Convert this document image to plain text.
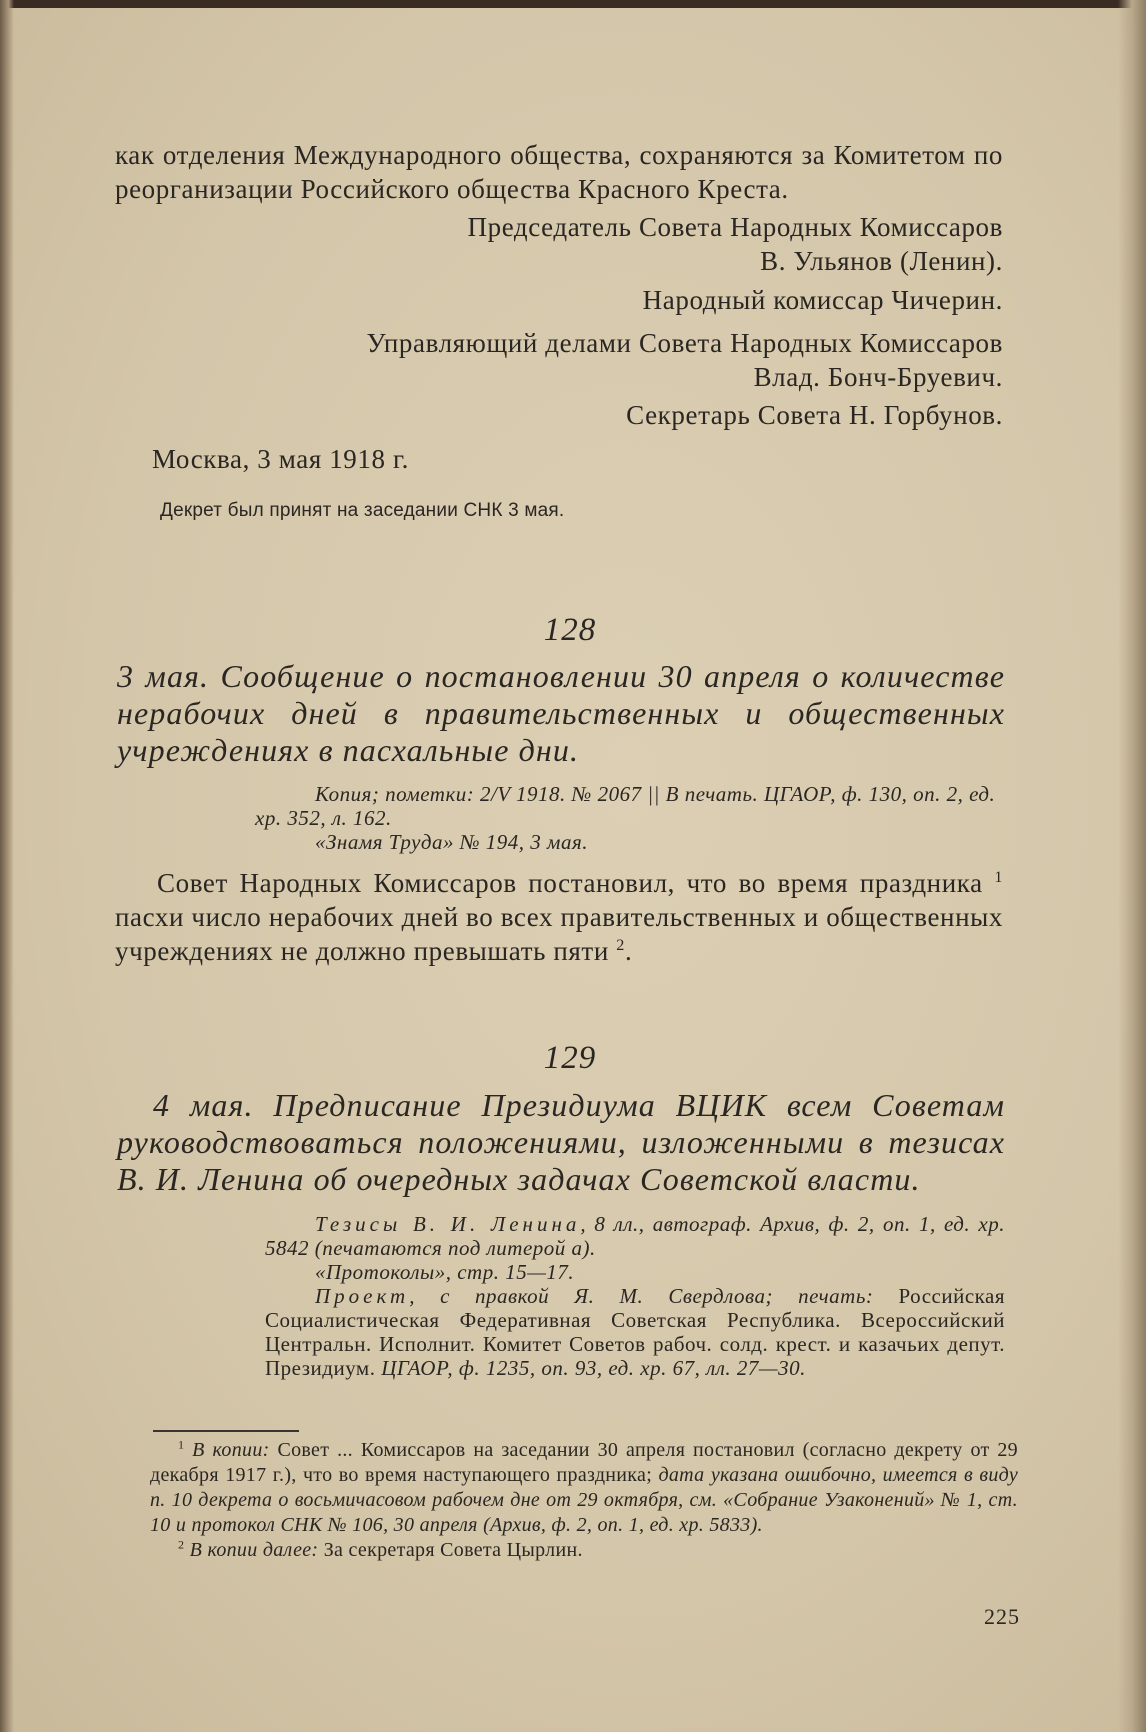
как отделения Международного общества, сохраняются за Комитетом по реорганизации Российского общества Красного Креста.

Председатель Совета Народных Комиссаров
В. Ульянов (Ленин).
Народный комиссар Чичерин.
Управляющий делами Совета Народных Комиссаров
Влад. Бонч-Бруевич.
Секретарь Совета Н. Горбунов.
Москва, 3 мая 1918 г.
Декрет был принят на заседании СНК 3 мая.
128
3 мая. Сообщение о постановлении 30 апреля о количестве нерабочих дней в правительственных и общественных учреждениях в пасхальные дни.
Копия; пометки: 2/V 1918. № 2067 || В печать. ЦГАОР, ф. 130, оп. 2, ед. хр. 352, л. 162.
«Знамя Труда» № 194, 3 мая.

Совет Народных Комиссаров постановил, что во время праздника $^1$ пасхи число нерабочих дней во всех правительственных и общественных учреждениях не должно превышать пяти $^2$.

129
4 мая. Предписание Президиума ВЦИК всем Советам руководствоваться положениями, изложенными в тезисах В. И. Ленина об очередных задачах Советской власти.
Тезисы В. И. Ленина, 8 лл., автограф. Архив, ф. 2, оп. 1, ед. хр. 5842 (печатаются под литерой а).
«Протоколы», стр. 15—17.
Проект, с правкой Я. М. Свердлова; печать: Российская Социалистическая Федеративная Советская Республика. Всероссийский Центральн. Исполнит. Комитет Советов рабоч. солд. крест. и казачьих депут. Президиум. ЦГАОР, ф. 1235, оп. 93, ед. хр. 67, лл. 27—30.
$^1$ В копии: Совет ... Комиссаров на заседании 30 апреля постановил (согласно декрету от 29 декабря 1917 г.), что во время наступающего праздника; дата указана ошибочно, имеется в виду п. 10 декрета о восьмичасовом рабочем дне от 29 октября, см. «Собрание Узаконений» № 1, ст. 10 и протокол СНК № 106, 30 апреля (Архив, ф. 2, оп. 1, ед. хр. 5833).
$^2$ В копии далее: За секретаря Совета Цырлин.
225
